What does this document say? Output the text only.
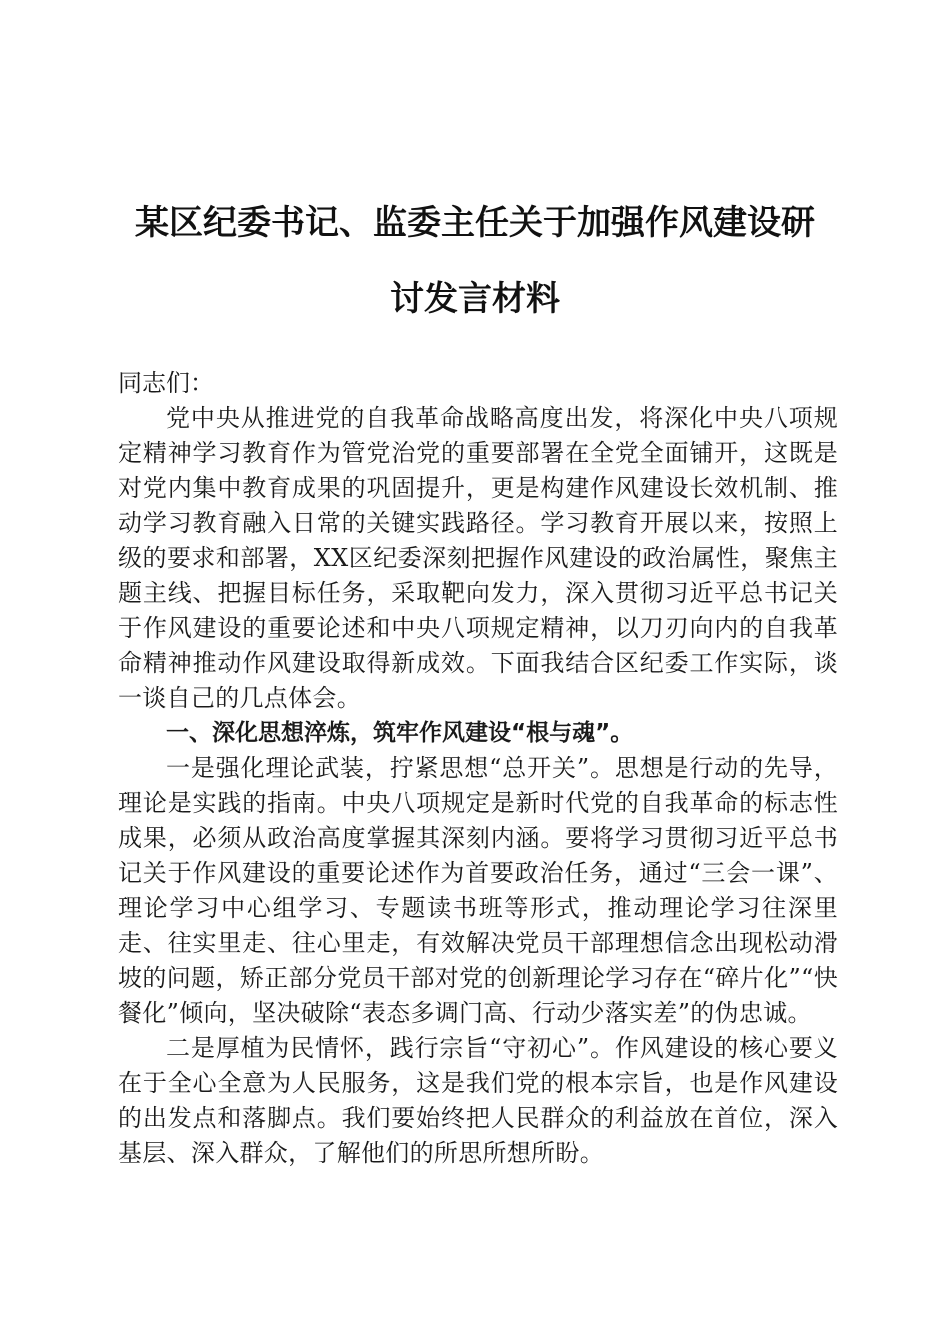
某区纪委书记、监委主任关于加强作风建设研
讨发言材料

同志们：

党中央从推进党的自我革命战略高度出发，将深化中央八项规定精神学习教育作为管党治党的重要部署在全党全面铺开，这既是对党内集中教育成果的巩固提升，更是构建作风建设长效机制、推动学习教育融入日常的关键实践路径。学习教育开展以来，按照上级的要求和部署，XX区纪委深刻把握作风建设的政治属性，聚焦主题主线、把握目标任务，采取靶向发力，深入贯彻习近平总书记关于作风建设的重要论述和中央八项规定精神，以刀刃向内的自我革命精神推动作风建设取得新成效。下面我结合区纪委工作实际，谈一谈自己的几点体会。

一、深化思想淬炼，筑牢作风建设“根与魂”。

一是强化理论武装，拧紧思想“总开关”。思想是行动的先导，理论是实践的指南。中央八项规定是新时代党的自我革命的标志性成果，必须从政治高度掌握其深刻内涵。要将学习贯彻习近平总书记关于作风建设的重要论述作为首要政治任务，通过“三会一课”、理论学习中心组学习、专题读书班等形式，推动理论学习往深里走、往实里走、往心里走，有效解决党员干部理想信念出现松动滑坡的问题，矫正部分党员干部对党的创新理论学习存在“碎片化”“快餐化”倾向，坚决破除“表态多调门高、行动少落实差”的伪忠诚。

二是厚植为民情怀，践行宗旨“守初心”。作风建设的核心要义在于全心全意为人民服务，这是我们党的根本宗旨，也是作风建设的出发点和落脚点。我们要始终把人民群众的利益放在首位，深入基层、深入群众，了解他们的所思所想所盼。
